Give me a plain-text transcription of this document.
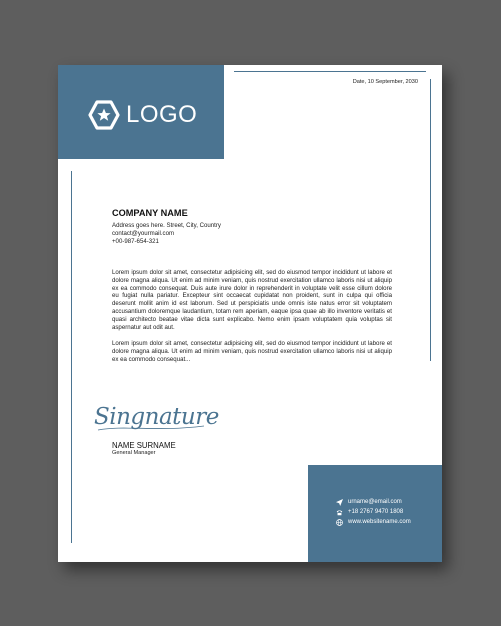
LOGO
Date, 10 September, 2030
COMPANY NAME
Address goes here. Street, City, Country
contact@yourmail.com
+00-987-654-321

Lorem ipsum dolor sit amet, consectetur adipisicing elit, sed do eiusmod tempor incididunt ut labore et dolore magna aliqua. Ut enim ad minim veniam, quis nostrud exercitation ullamco laboris nisi ut aliquip ex ea commodo consequat. Duis aute irure dolor in reprehenderit in voluptate velit esse cillum dolore eu fugiat nulla pariatur. Excepteur sint occaecat cupidatat non proident, sunt in culpa qui officia deserunt mollit anim id est laborum. Sed ut perspiciatis unde omnis iste natus error sit voluptatem accusantium doloremque laudantium, totam rem aperiam, eaque ipsa quae ab illo inventore veritatis et quasi architecto beatae vitae dicta sunt explicabo. Nemo enim ipsam voluptatem quia voluptas sit aspernatur aut odit aut.

Lorem ipsum dolor sit amet, consectetur adipisicing elit, sed do eiusmod tempor incididunt ut labore et dolore magna aliqua. Ut enim ad minim veniam, quis nostrud exercitation ullamco laboris nisi ut aliquip ex ea commodo consequat...

Singnature
NAME SURNAME
General Manager
urname@email.com
+18 2767 9470 1808
www.websitename.com
